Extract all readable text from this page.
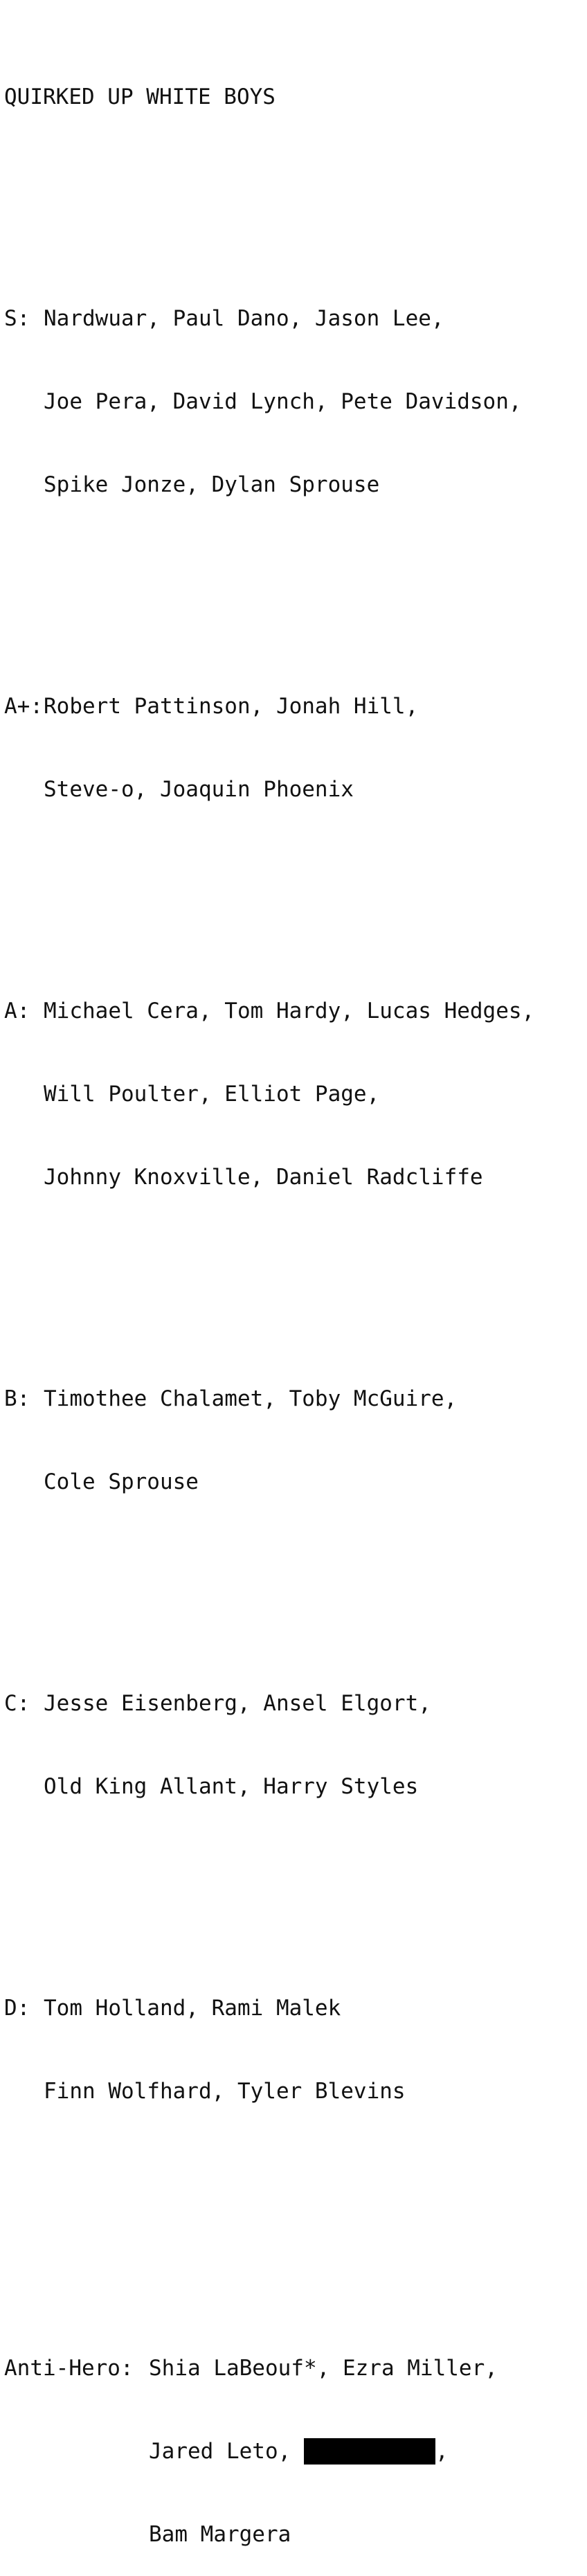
QUIRKED UP WHITE BOYS

S: Nardwuar, Paul Dano, Jason Lee,

Joe Pera, David Lynch, Pete Davidson,

Spike Jonze, Dylan Sprouse

A+: Robert Pattinson, Jonah Hill,

Steve-o, Joaquin Phoenix

A: Michael Cera, Tom Hardy, Lucas Hedges,

Will Poulter, Elliot Page,

Johnny Knoxville, Daniel Radcliffe

B: Timothee Chalamet, Toby McGuire,

Cole Sprouse

C: Jesse Eisenberg, Ansel Elgort,

Old King Allant, Harry Styles

D: Tom Holland, Rami Malek

Finn Wolfhard, Tyler Blevins

Anti-Hero: Shia LaBeouf*, Ezra Miller,

Jared Leto,
	,

Bam Margera
